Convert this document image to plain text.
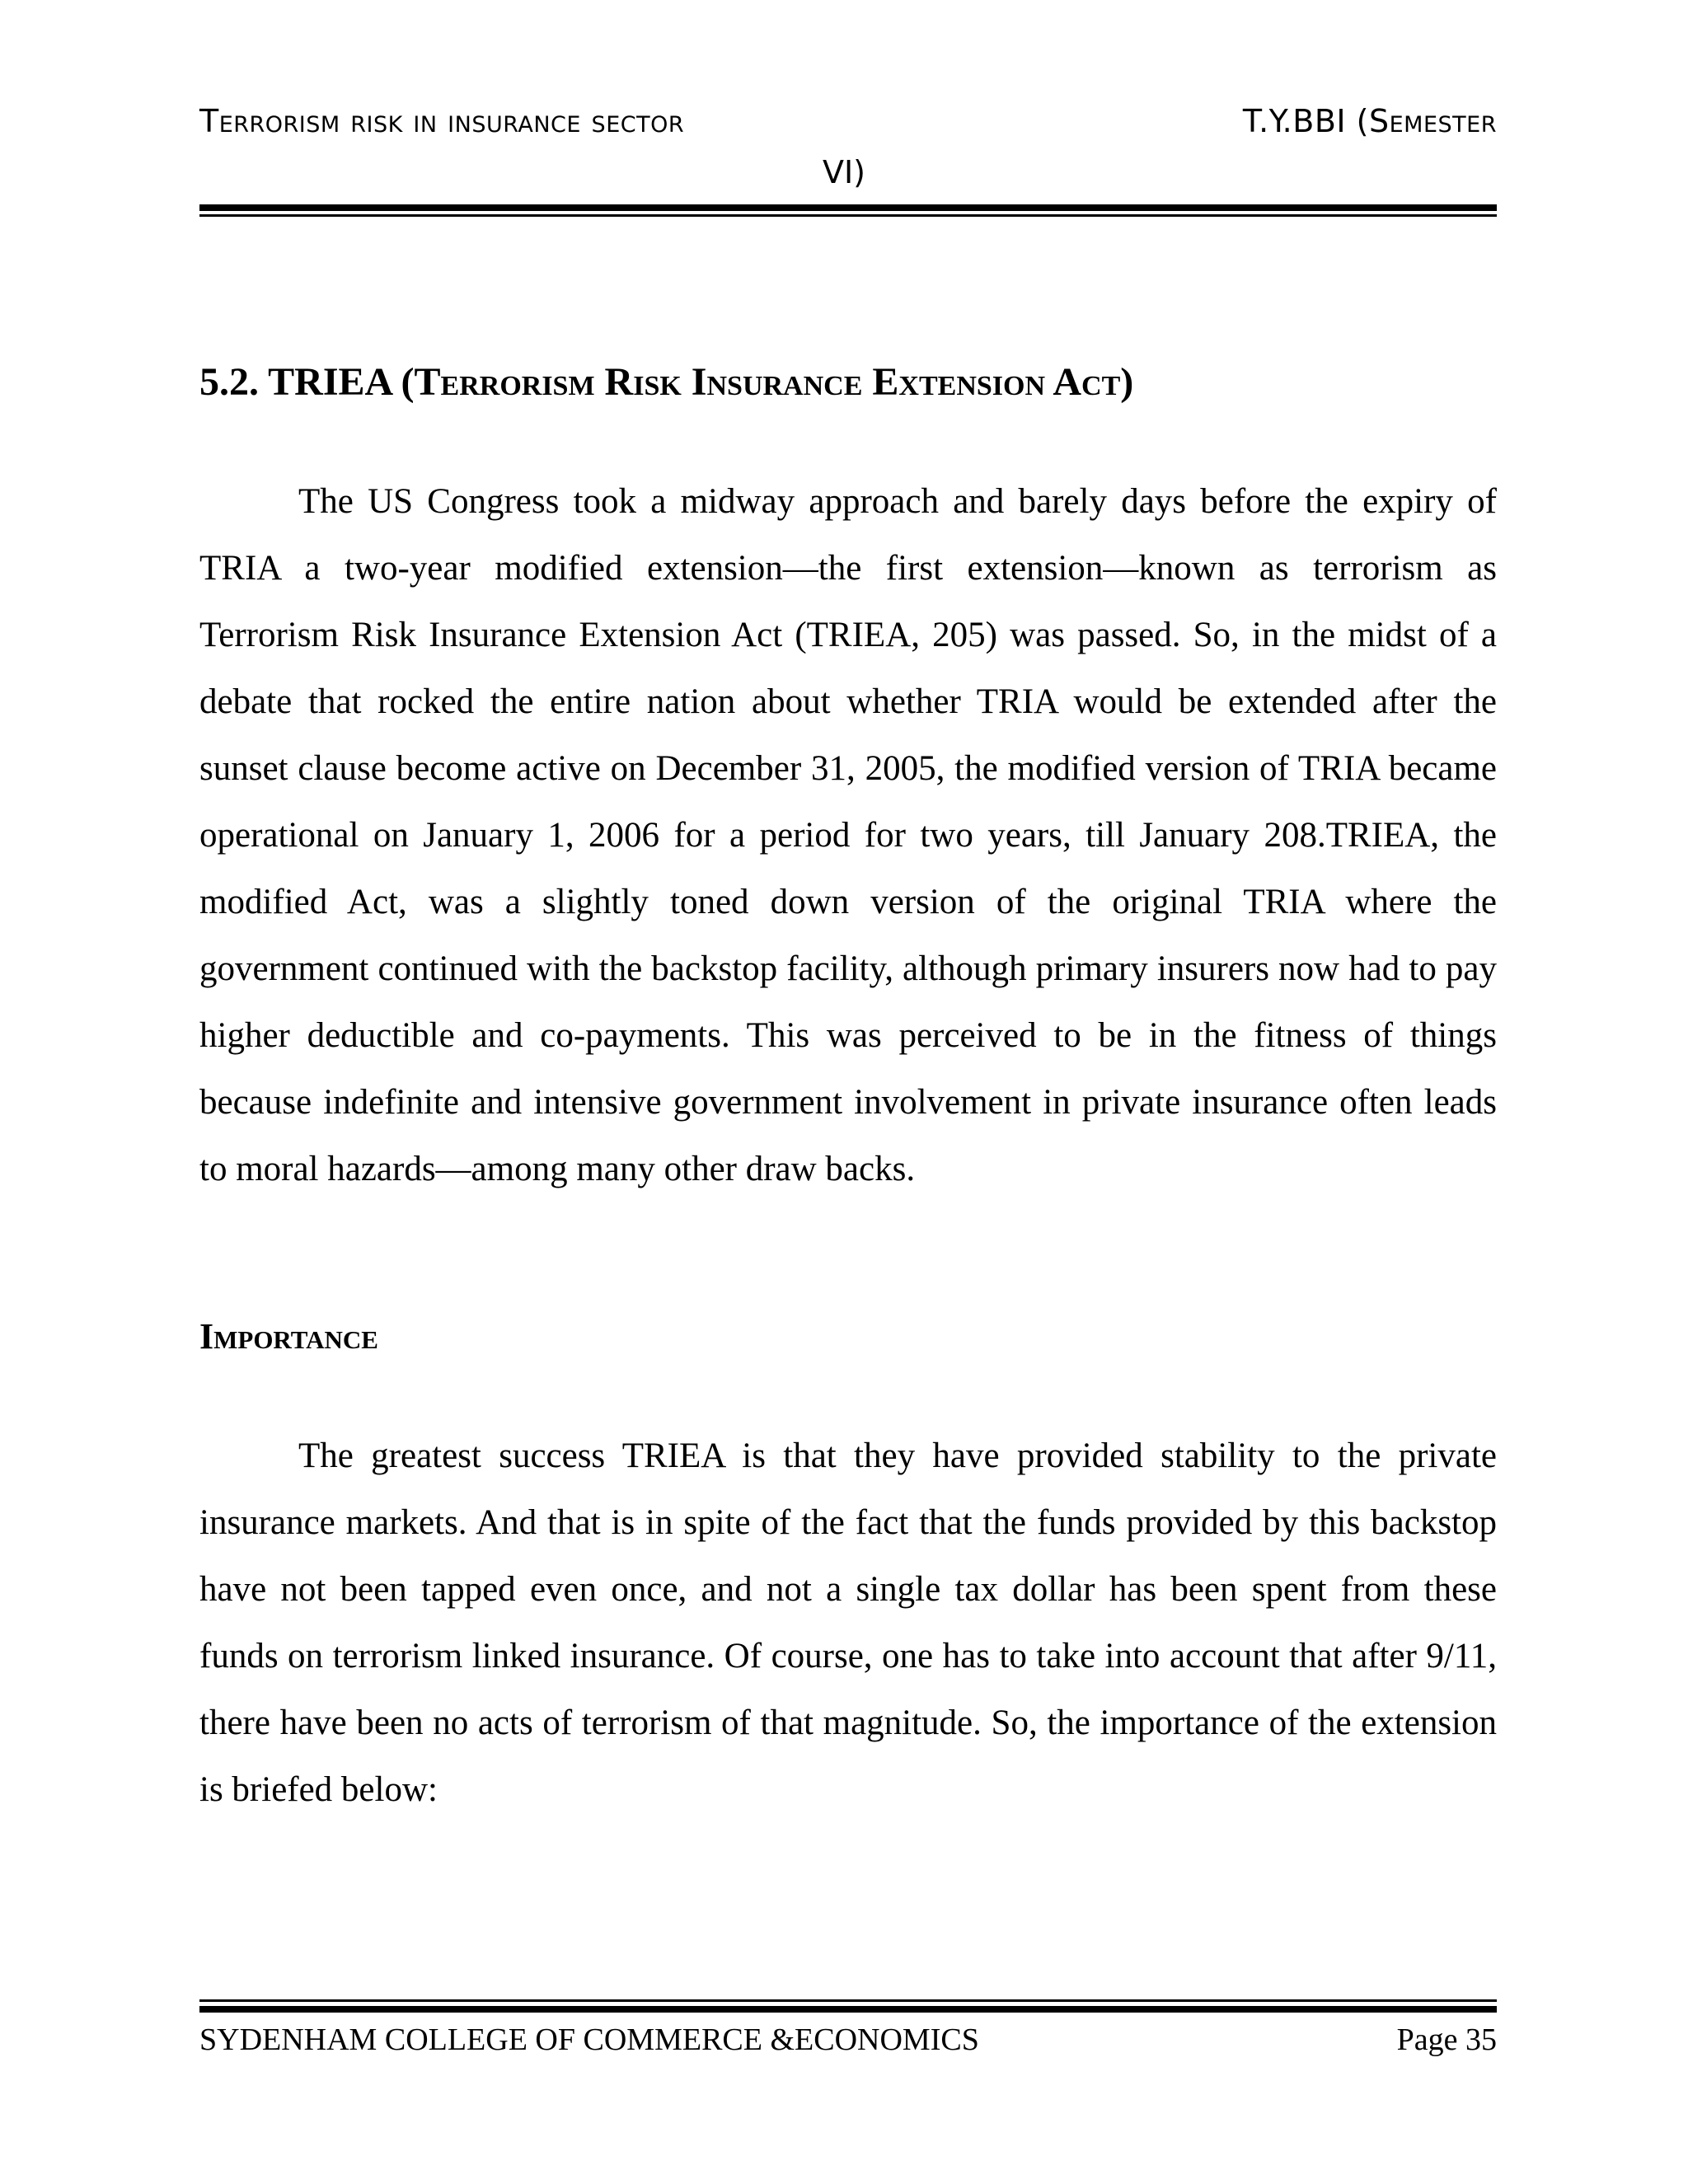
Terrorism risk in insurance sector	T.Y.BBI (Semester
VI)
5.2. TRIEA (Terrorism Risk Insurance Extension Act)

The US Congress took a midway approach and barely days before the expiry of TRIA a two-year modified extension—the first extension—known as terrorism as Terrorism Risk Insurance Extension Act (TRIEA, 205) was passed. So, in the midst of a debate that rocked the entire nation about whether TRIA would be extended after the sunset clause become active on December 31, 2005, the modified version of TRIA became operational on January 1, 2006 for a period for two years, till January 208.TRIEA, the modified Act, was a slightly toned down version of the original TRIA where the government continued with the backstop facility, although primary insurers now had to pay higher deductible and co-payments. This was perceived to be in the fitness of things because indefinite and intensive government involvement in private insurance often leads to moral hazards—among many other draw backs.

Importance

The greatest success TRIEA is that they have provided stability to the private insurance markets. And that is in spite of the fact that the funds provided by this backstop have not been tapped even once, and not a single tax dollar has been spent from these funds on terrorism linked insurance. Of course, one has to take into account that after 9/11, there have been no acts of terrorism of that magnitude. So, the importance of the extension is briefed below:

SYDENHAM COLLEGE OF COMMERCE &ECONOMICS	Page 35
